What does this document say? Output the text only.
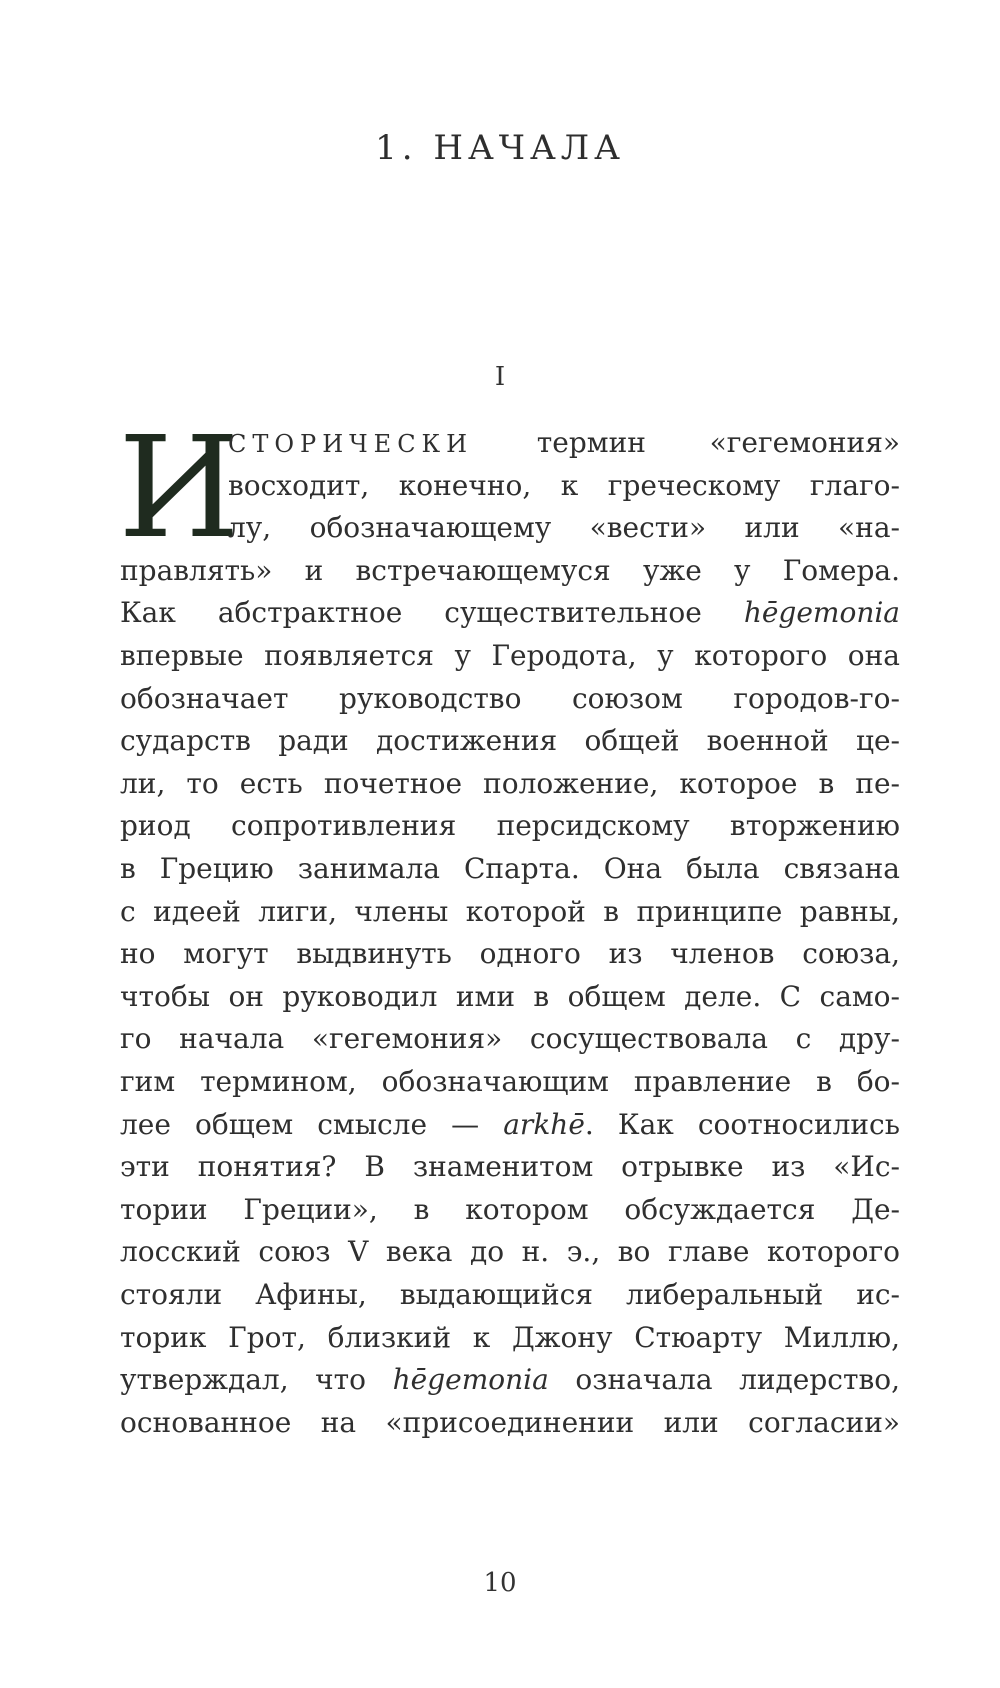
1. НАЧАЛА
I
И
СТОРИЧЕСКИ термин «гегемония»
восходит, конечно, к греческому глаго-
лу, обозначающему «вести» или «на-
правлять» и встречающемуся уже у Гомера.
Как абстрактное существительное hēgemonia
впервые появляется у Геродота, у которого она
обозначает руководство союзом городов-го-
сударств ради достижения общей военной це-
ли, то есть почетное положение, которое в пе-
риод сопротивления персидскому вторжению
в Грецию занимала Спарта. Она была связана
с идеей лиги, члены которой в принципе равны,
но могут выдвинуть одного из членов союза,
чтобы он руководил ими в общем деле. С само-
го начала «гегемония» сосуществовала с дру-
гим термином, обозначающим правление в бо-
лее общем смысле — arkhē. Как соотносились
эти понятия? В знаменитом отрывке из «Ис-
тории Греции», в котором обсуждается Де-
лосский союз V века до н. э., во главе которого
стояли Афины, выдающийся либеральный ис-
торик Грот, близкий к Джону Стюарту Миллю,
утверждал, что hēgemonia означала лидерство,
основанное на «присоединении или согласии»
10
